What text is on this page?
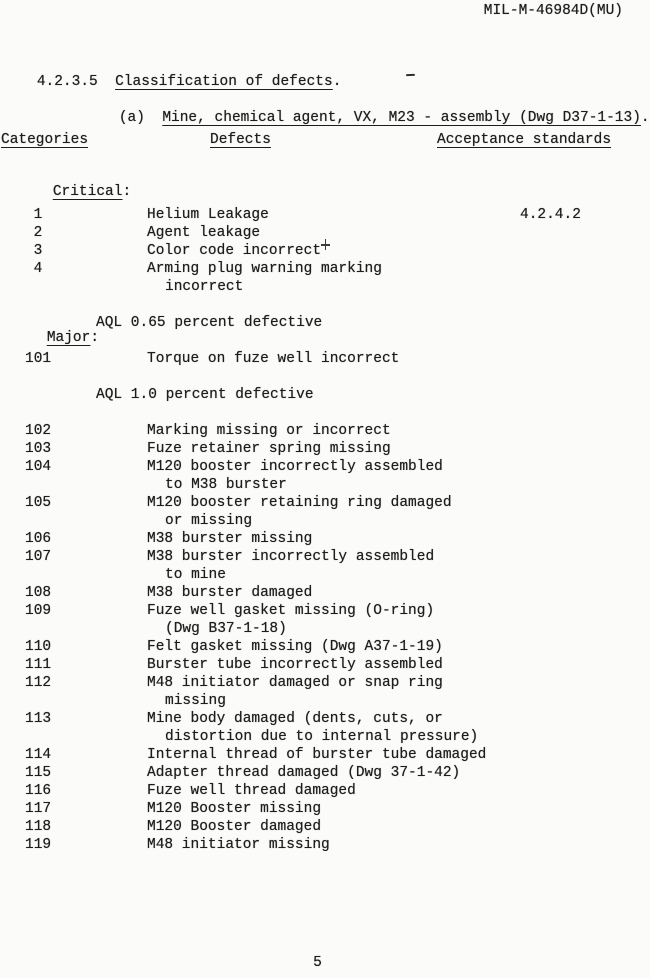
MIL-M-46984D(MU)

4.2.3.5 Classification of defects.

(a) Mine, chemical agent, VX, M23 - assembly (Dwg D37-1-13).

Categories	Defects	Acceptance standards

Critical:

1	Helium Leakage	4.2.4.2
2	Agent leakage
3	Color code incorrect
4	Arming plug warning marking
incorrect

Major:

AQL 0.65 percent defective
101	Torque on fuze well incorrect
AQL 1.0 percent defective
102	Marking missing or incorrect
103	Fuze retainer spring missing
104	M120 booster incorrectly assembled
to M38 burster
105	M120 booster retaining ring damaged
or missing
106	M38 burster missing
107	M38 burster incorrectly assembled
to mine
108	M38 burster damaged
109	Fuze well gasket missing (O-ring)
(Dwg B37-1-18)
110	Felt gasket missing (Dwg A37-1-19)
111	Burster tube incorrectly assembled
112	M48 initiator damaged or snap ring
missing
113	Mine body damaged (dents, cuts, or
distortion due to internal pressure)
114	Internal thread of burster tube damaged
115	Adapter thread damaged (Dwg 37-1-42)
116	Fuze well thread damaged
117	M120 Booster missing
118	M120 Booster damaged
119	M48 initiator missing
5
